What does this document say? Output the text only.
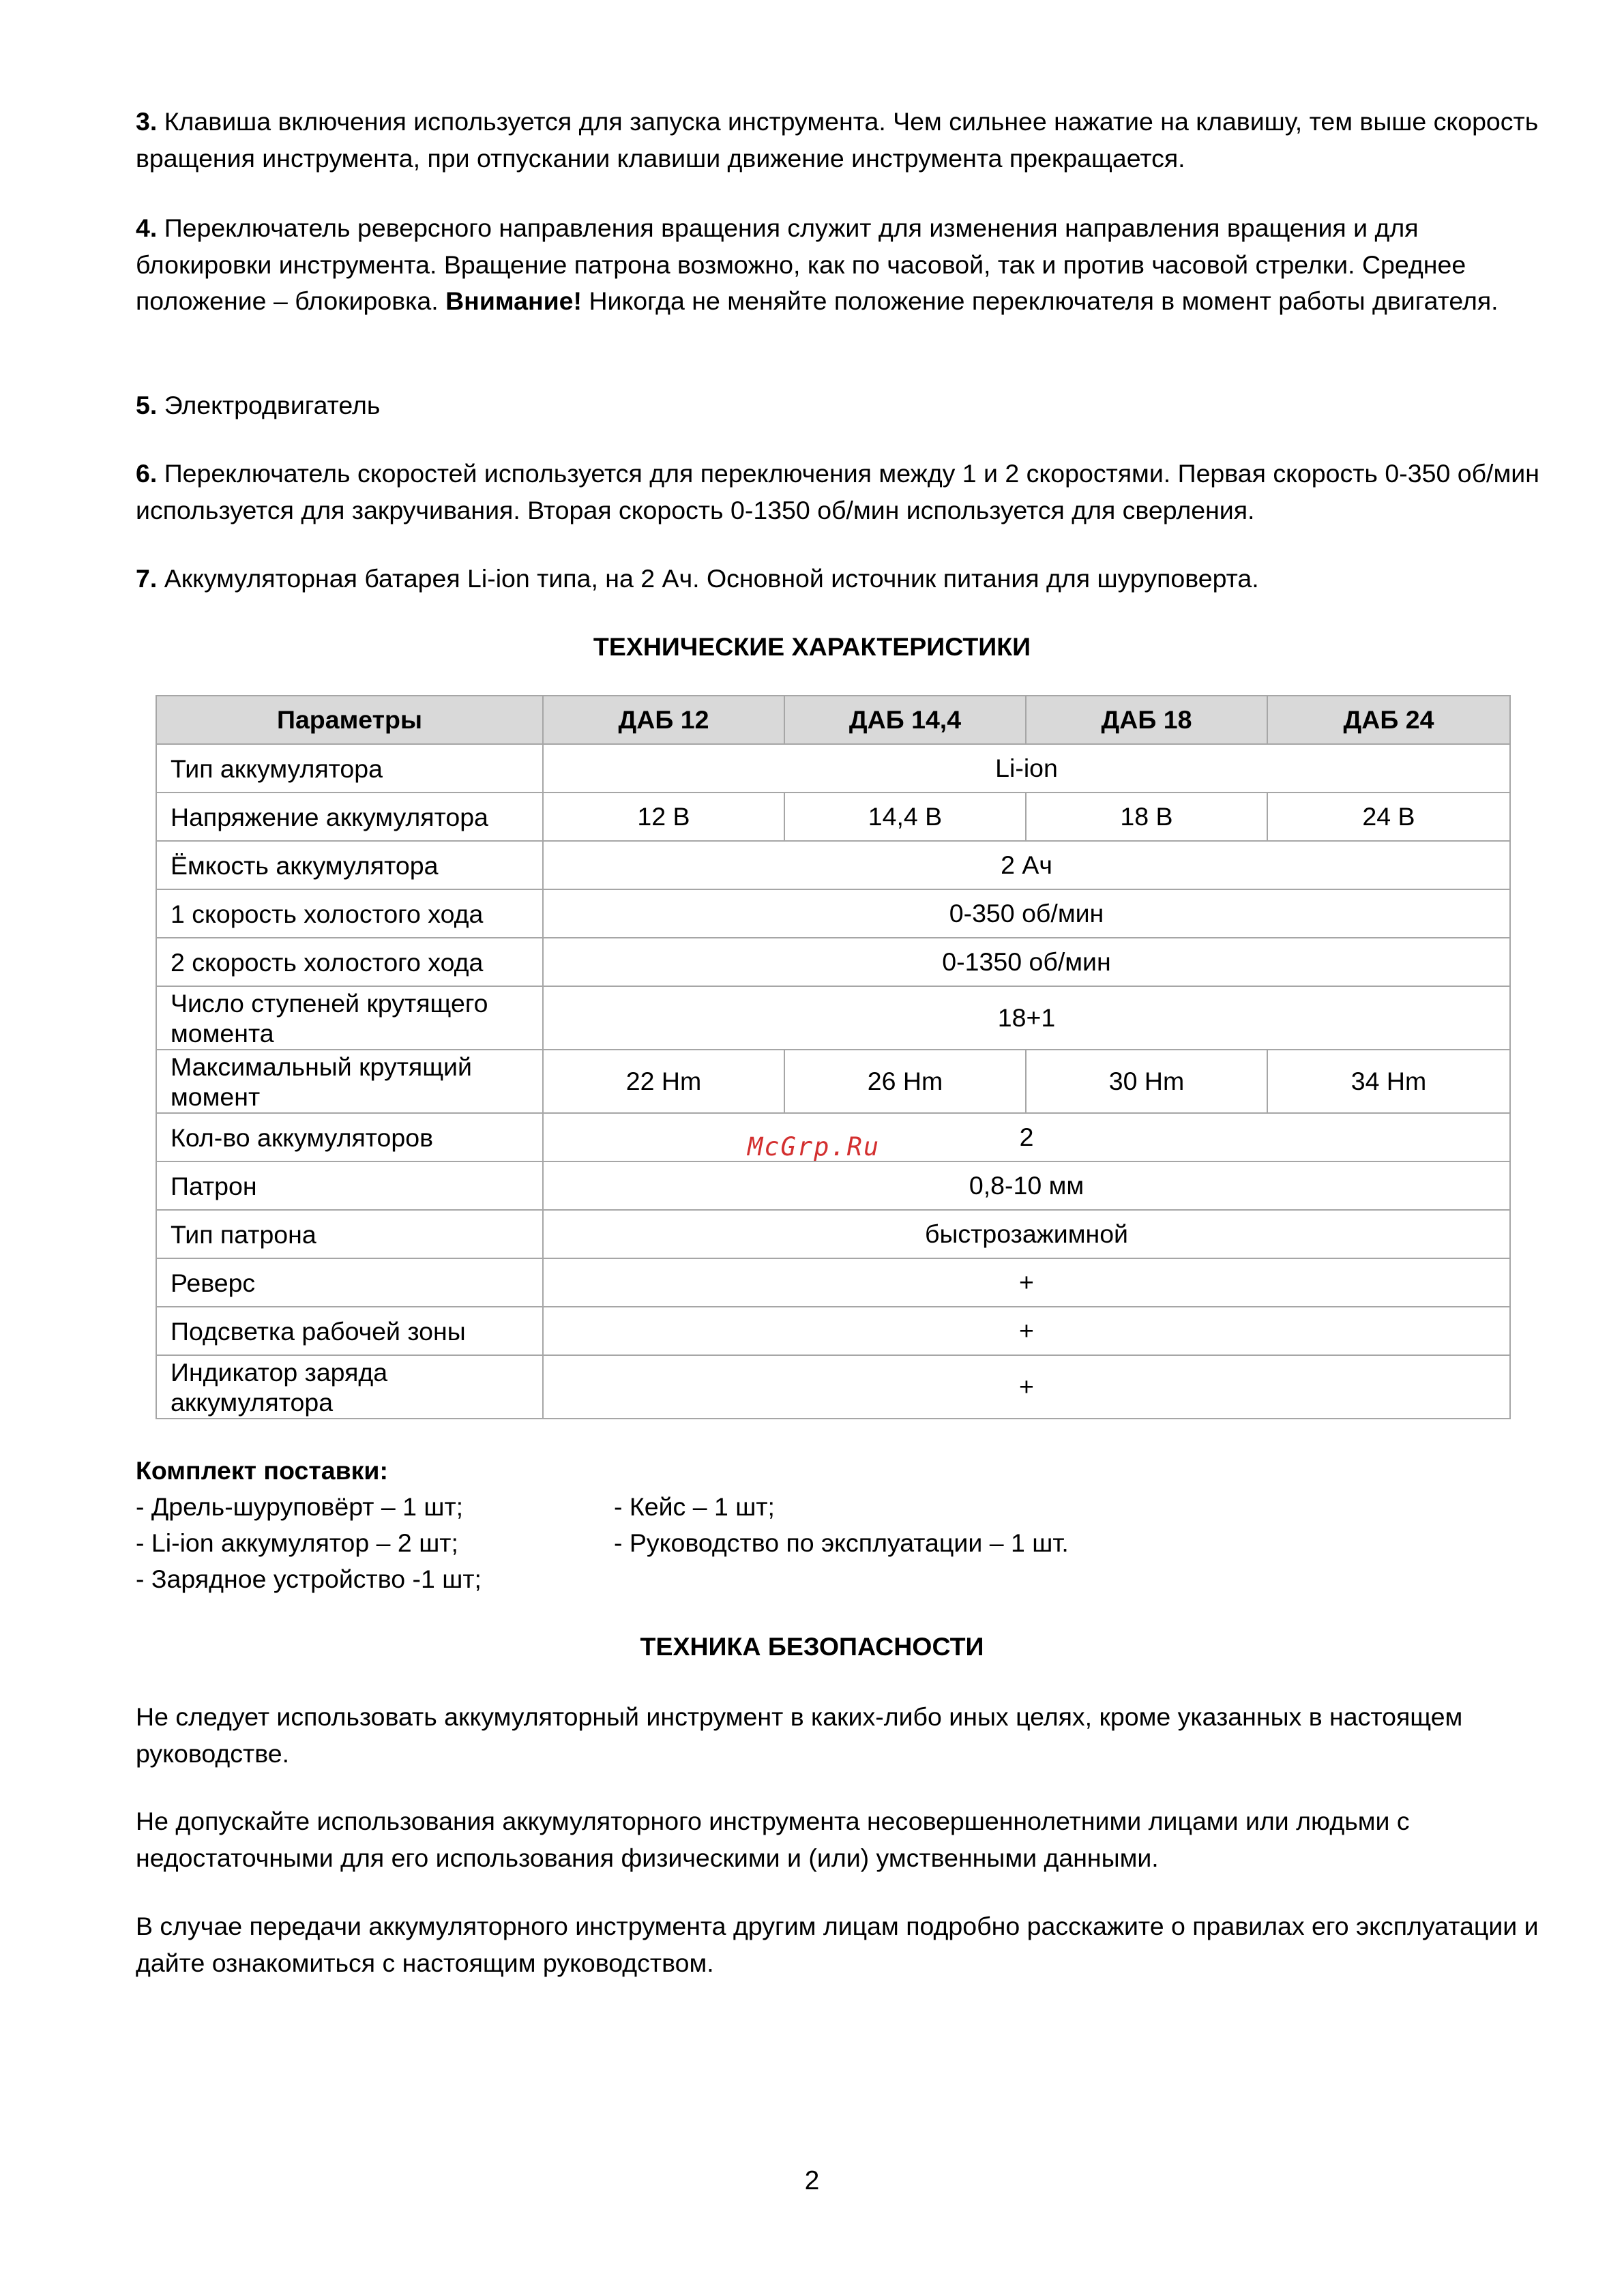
3. Клавиша включения используется для запуска инструмента. Чем сильнее нажатие на клавишу, тем выше скорость вращения инструмента, при отпускании клавиши движение инструмента прекращается.

4. Переключатель реверсного направления вращения служит для изменения направления вращения и для блокировки инструмента. Вращение патрона возможно, как по часовой, так и против часовой стрелки. Среднее положение – блокировка. Внимание! Никогда не меняйте положение переключателя в момент работы двигателя.

5. Электродвигатель

6. Переключатель скоростей используется для переключения между 1 и 2 скоростями. Первая скорость 0-350 об/мин используется для закручивания. Вторая скорость 0-1350 об/мин используется для сверления.

7. Аккумуляторная батарея Li-ion типа, на 2 Ач. Основной источник питания для шуруповерта.

ТЕХНИЧЕСКИЕ ХАРАКТЕРИСТИКИ
Параметры	ДАБ 12	ДАБ 14,4	ДАБ 18	ДАБ 24
Тип аккумулятора	Li-ion			
Напряжение аккумулятора	12 В	14,4 В	18 В	24 В
Ёмкость аккумулятора	2 Ач			
1 скорость холостого хода	0-350 об/мин			
2 скорость холостого хода	0-1350 об/мин			
Число ступеней крутящего момента	18+1			
Максимальный крутящий момент	22 Нm	26 Нm	30 Нm	34 Нm
Кол-во аккумуляторов	2			
Патрон	0,8-10 мм			
Тип патрона	быстрозажимной			
Реверс	+			
Подсветка рабочей зоны	+			
Индикатор заряда аккумулятора	+			
McGrp.Ru

Комплект поставки:

- Дрель-шуруповёрт – 1 шт;

- Li-ion аккумулятор – 2 шт;

- Зарядное устройство -1 шт;

- Кейс – 1 шт;

- Руководство по эксплуатации – 1 шт.

ТЕХНИКА БЕЗОПАСНОСТИ

Не следует использовать аккумуляторный инструмент в каких-либо иных целях, кроме указанных в настоящем руководстве.

Не допускайте использования аккумуляторного инструмента несовершеннолетними лицами или людьми с недостаточными для его использования физическими и (или) умственными данными.

В случае передачи аккумуляторного инструмента другим лицам подробно расскажите о правилах его эксплуатации и дайте ознакомиться с настоящим руководством.

2
